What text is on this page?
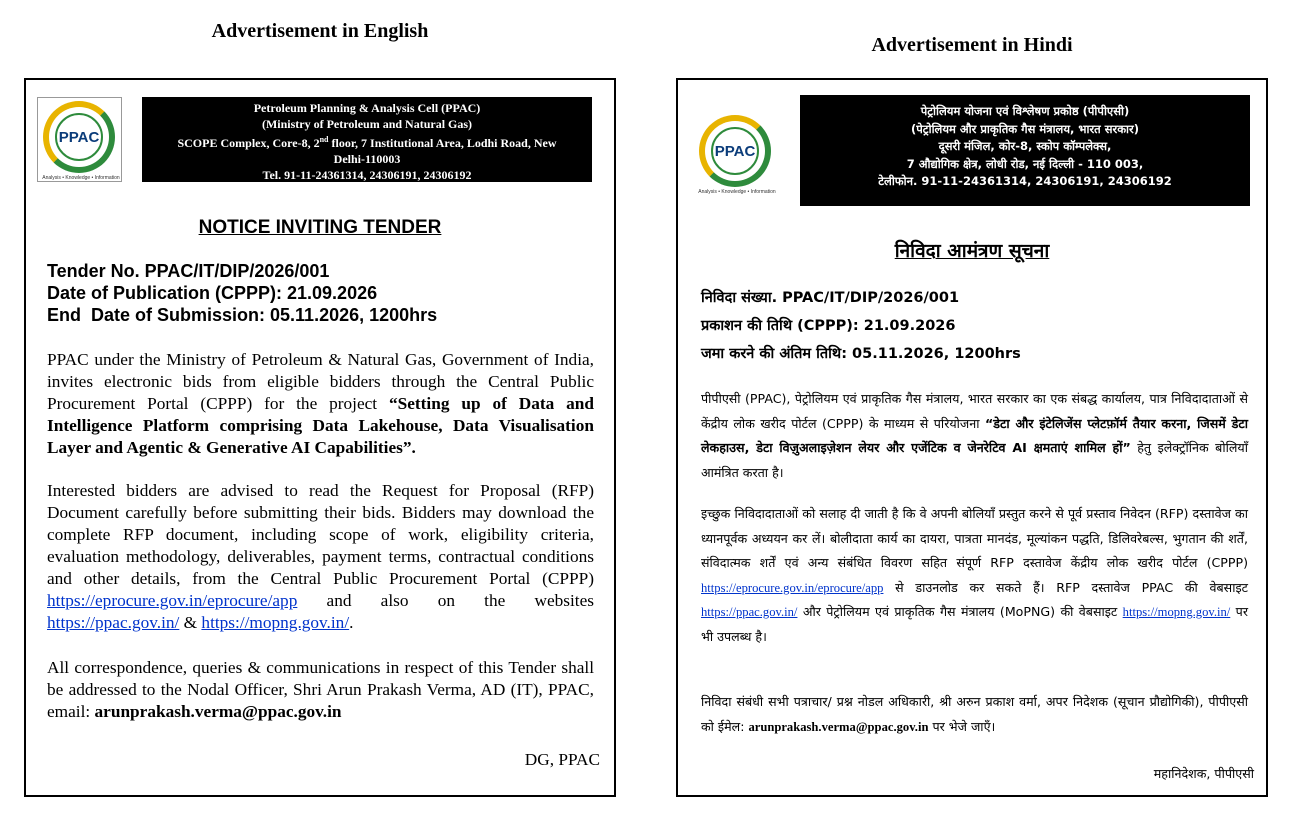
Advertisement in English
Advertisement in Hindi
PPAC
Analysis • Knowledge • Information
Petroleum Planning & Analysis Cell (PPAC)
(Ministry of Petroleum and Natural Gas)
SCOPE Complex, Core-8, 2nd floor, 7 Institutional Area, Lodhi Road, New
Delhi-110003
Tel. 91-11-24361314, 24306191, 24306192
NOTICE INVITING TENDER
Tender No. PPAC/IT/DIP/2026/001
Date of Publication (CPPP): 21.09.2026
End  Date of Submission: 05.11.2026, 1200hrs
PPAC under the Ministry of Petroleum & Natural Gas, Government of India, invites electronic bids from eligible bidders through the Central Public Procurement Portal (CPPP) for the project “Setting up of Data and Intelligence Platform comprising Data Lakehouse, Data Visualisation Layer and Agentic & Generative AI Capabilities”.
Interested bidders are advised to read the Request for Proposal (RFP) Document carefully before submitting their bids. Bidders may download the complete RFP document, including scope of work, eligibility criteria, evaluation methodology, deliverables, payment terms, contractual conditions and other details, from the Central Public Procurement Portal (CPPP) https://eprocure.gov.in/eprocure/app and also on the websites https://ppac.gov.in/ & https://mopng.gov.in/.
All correspondence, queries & communications in respect of this Tender shall be addressed to the Nodal Officer, Shri Arun Prakash Verma, AD (IT), PPAC, email: arunprakash.verma@ppac.gov.in
DG, PPAC
PPAC
Analysis • Knowledge • Information
पेट्रोलियम योजना एवं विश्लेषण प्रकोष्ठ (पीपीएसी)
(पेट्रोलियम और प्राकृतिक गैस मंत्रालय, भारत सरकार)
दूसरी मंजिल, कोर-8, स्कोप कॉम्पलेक्स,
7 औद्योगिक क्षेत्र, लोधी रोड, नई दिल्ली - 110 003,
टेलीफोन. 91-11-24361314, 24306191, 24306192
निविदा आमंत्रण सूचना
निविदा संख्या. PPAC/IT/DIP/2026/001
प्रकाशन की तिथि (CPPP): 21.09.2026
जमा करने की अंतिम तिथि: 05.11.2026, 1200hrs
पीपीएसी (PPAC), पेट्रोलियम एवं प्राकृतिक गैस मंत्रालय, भारत सरकार का एक संबद्ध कार्यालय, पात्र निविदादाताओं से केंद्रीय लोक खरीद पोर्टल (CPPP) के माध्यम से परियोजना “डेटा और इंटेलिजेंस प्लेटफ़ॉर्म तैयार करना, जिसमें डेटा लेकहाउस, डेटा विज़ुअलाइज़ेशन लेयर और एजेंटिक व जेनरेटिव AI क्षमताएं शामिल हों” हेतु इलेक्ट्रॉनिक बोलियाँ आमंत्रित करता है।
इच्छुक निविदादाताओं को सलाह दी जाती है कि वे अपनी बोलियाँ प्रस्तुत करने से पूर्व प्रस्ताव निवेदन (RFP) दस्तावेज का ध्यानपूर्वक अध्ययन कर लें। बोलीदाता कार्य का दायरा, पात्रता मानदंड, मूल्यांकन पद्धति, डिलिवरेबल्स, भुगतान की शर्तें, संविदात्मक शर्तें एवं अन्य संबंधित विवरण सहित संपूर्ण RFP दस्तावेज केंद्रीय लोक खरीद पोर्टल (CPPP) https://eprocure.gov.in/eprocure/app से डाउनलोड कर सकते हैं। RFP दस्तावेज PPAC की वेबसाइट https://ppac.gov.in/ और पेट्रोलियम एवं प्राकृतिक गैस मंत्रालय (MoPNG) की वेबसाइट https://mopng.gov.in/ पर भी उपलब्ध है।
निविदा संबंधी सभी पत्राचार/ प्रश्न नोडल अधिकारी, श्री अरुन प्रकाश वर्मा, अपर निदेशक (सूचान प्रौद्योगिकी), पीपीएसी को ईमेल: arunprakash.verma@ppac.gov.in पर भेजे जाएँ।
महानिदेशक, पीपीएसी
